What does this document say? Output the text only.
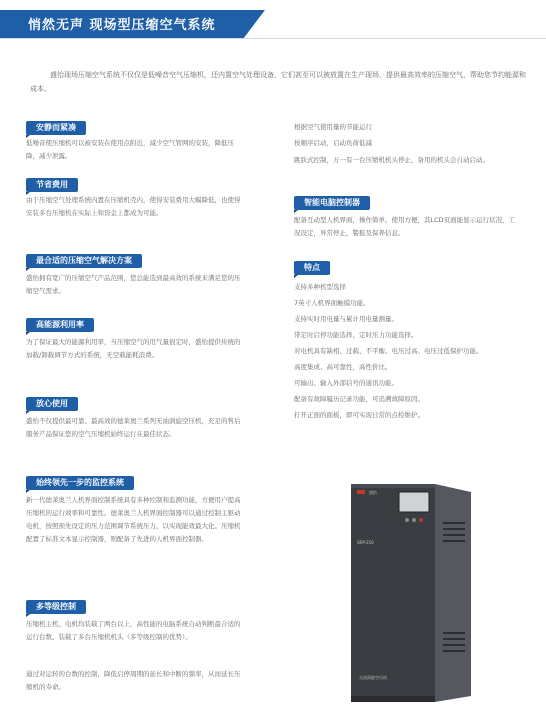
悄然无声 现场型压缩空气系统
盛怡现场压缩空气系统不仅仅是低噪音空气压缩机，还内置空气处理设备，它们甚至可以被放置在生产现场，提供最高效率的压缩空气，帮助您节约能源和成本。
安静而紧凑
低噪音使压缩机可以被安装在使用点附近，减少空气管网的安装，降低压降，减少泄露。
节省费用
由于压缩空气处理系统内置在压缩机壳内，使得安装费用大幅降低，也使得安装多台压缩机在实际上和资金上都成为可能。
最合适的压缩空气解决方案
盛怡拥有宽广的压缩空气产品范围，您总能选到最高效的系统来满足您的压缩空气需求。
高能源利用率
为了保证最大的能源利用率，当压缩空气的用气量很定时，盛怡提供传统的加载/卸载调节方式的系统，无空载能耗浪费。
放心使用
盛怡不仅提供最可靠、最高效的德莱奥兰系列无油涡旋空压机，充足的售后服务产品保证您的空气压缩机始终运行在最佳状态。
始终领先一步的监控系统
新一代德莱奥兰人机界面控制系统具有多种控制和监测功能，方便用户提高压缩机的运行效率和可靠性。德莱奥兰人机界面控制器可以通过控制主驱动电机，按照预先设定的压力范围调节系统压力，以实现能效最大化。压缩机配置了标准文本显示控制器，则配备了先进的人机界面控制器。
多等级控制
压缩机主机、电机均装载了两台以上，高性能的电脑系统自动判断最合适的运行台数。装载了多台压缩机机头（多等级控制的优势）。
通过对运转的台数的控制，降低启停周期的延长和中断的频率，从而延长压缩机的寿命。
根据空气使用量的节能运行
按顺序启动，启动负荷低减
跳跃式控制，万一有一台压缩机机头停止，备用的机头会自动启动。
智能电脑控制器
配备互动型人机界面，操作简单，使用方便，其LCD页面能显示运行状况，工况设定，异常停止，警报及保养信息。
特点
支持多种机型选择
7英寸人机界面触摸功能。
支持实时用电量与累计用电量测量。
带定时启停功能选择，定时压力功能选择。
对电机具有缺相、过载、不平衡、电压过高、电压过低保护功能。
高度集成、高可靠性，高性价比。
可输出、输入外部信号的通讯功能。
配备有故障履历记录功能，可追溯故障原因。
打开正面的面板，即可实现日常的点检维护。
盛怡
SRP-210
无油涡旋空压机
